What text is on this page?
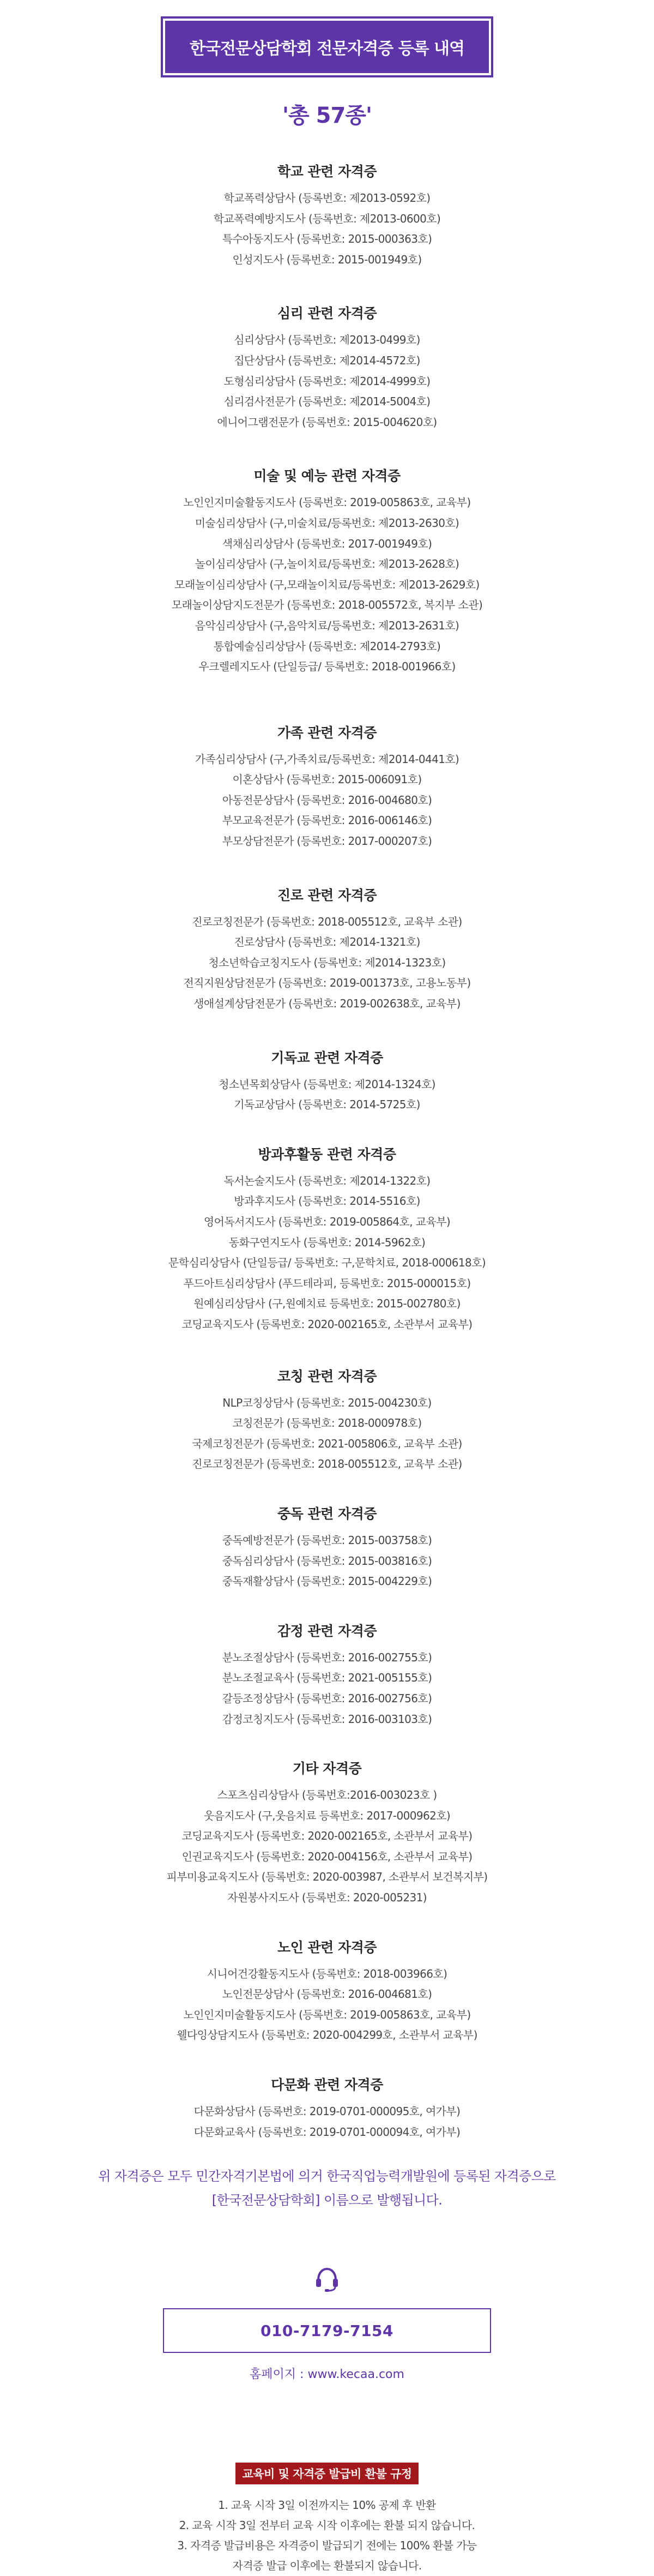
한국전문상담학회 전문자격증 등록 내역
'총 57종'
학교 관련 자격증
학교폭력상담사 (등록번호: 제2013-0592호)
학교폭력예방지도사 (등록번호: 제2013-0600호)
특수아동지도사 (등록번호: 2015-000363호)
인성지도사 (등록번호: 2015-001949호)
심리 관련 자격증
심리상담사 (등록번호: 제2013-0499호)
집단상담사 (등록번호: 제2014-4572호)
도형심리상담사 (등록번호: 제2014-4999호)
심리검사전문가 (등록번호: 제2014-5004호)
에니어그램전문가 (등록번호: 2015-004620호)
미술 및 예능 관련 자격증
노인인지미술활동지도사 (등록번호: 2019-005863호, 교육부)
미술심리상담사 (구,미술치료/등록번호: 제2013-2630호)
색채심리상담사 (등록번호: 2017-001949호)
놀이심리상담사 (구,놀이치료/등록번호: 제2013-2628호)
모래놀이심리상담사 (구,모래놀이치료/등록번호: 제2013-2629호)
모래놀이상담지도전문가 (등록번호: 2018-005572호, 복지부 소관)
음악심리상담사 (구,음악치료/등록번호: 제2013-2631호)
통합예술심리상담사 (등록번호: 제2014-2793호)
우크렐레지도사 (단일등급/ 등록번호: 2018-001966호)
가족 관련 자격증
가족심리상담사 (구,가족치료/등록번호: 제2014-0441호)
이혼상담사 (등록번호: 2015-006091호)
아동전문상담사 (등록번호: 2016-004680호)
부모교육전문가 (등록번호: 2016-006146호)
부모상담전문가 (등록번호: 2017-000207호)
진로 관련 자격증
진로코칭전문가 (등록번호: 2018-005512호, 교육부 소관)
진로상담사 (등록번호: 제2014-1321호)
청소년학습코칭지도사 (등록번호: 제2014-1323호)
전직지원상담전문가 (등록번호: 2019-001373호, 고용노동부)
생애설계상담전문가 (등록번호: 2019-002638호, 교육부)
기독교 관련 자격증
청소년목회상담사 (등록번호: 제2014-1324호)
기독교상담사 (등록번호: 2014-5725호)
방과후활동 관련 자격증
독서논술지도사 (등록번호: 제2014-1322호)
방과후지도사 (등록번호: 2014-5516호)
영어독서지도사 (등록번호: 2019-005864호, 교육부)
동화구연지도사 (등록번호: 2014-5962호)
문학심리상담사 (단일등급/ 등록번호: 구,문학치료, 2018-000618호)
푸드아트심리상담사 (푸드테라피, 등록번호: 2015-000015호)
원예심리상담사 (구,원예치료 등록번호: 2015-002780호)
코딩교육지도사 (등록번호: 2020-002165호, 소관부서 교육부)
코칭 관련 자격증
NLP코칭상담사 (등록번호: 2015-004230호)
코칭전문가 (등록번호: 2018-000978호)
국제코칭전문가 (등록번호: 2021-005806호, 교육부 소관)
진로코칭전문가 (등록번호: 2018-005512호, 교육부 소관)
중독 관련 자격증
중독예방전문가 (등록번호: 2015-003758호)
중독심리상담사 (등록번호: 2015-003816호)
중독재활상담사 (등록번호: 2015-004229호)
감정 관련 자격증
분노조절상담사 (등록번호: 2016-002755호)
분노조절교육사 (등록번호: 2021-005155호)
갈등조정상담사 (등록번호: 2016-002756호)
감정코칭지도사 (등록번호: 2016-003103호)
기타 자격증
스포츠심리상담사 (등록번호:2016-003023호 )
웃음지도사 (구,웃음치료 등록번호: 2017-000962호)
코딩교육지도사 (등록번호: 2020-002165호, 소관부서 교육부)
인권교육지도사 (등록번호: 2020-004156호, 소관부서 교육부)
피부미용교육지도사 (등록번호: 2020-003987, 소관부서 보건복지부)
자원봉사지도사 (등록번호: 2020-005231)
노인 관련 자격증
시니어건강활동지도사 (등록번호: 2018-003966호)
노인전문상담사 (등록번호: 2016-004681호)
노인인지미술활동지도사 (등록번호: 2019-005863호, 교육부)
웰다잉상담지도사 (등록번호: 2020-004299호, 소관부서 교육부)
다문화 관련 자격증
다문화상담사 (등록번호: 2019-0701-000095호, 여가부)
다문화교육사 (등록번호: 2019-0701-000094호, 여가부)
위 자격증은 모두 민간자격기본법에 의거 한국직업능력개발원에 등록된 자격증으로
[한국전문상담학회] 이름으로 발행됩니다.
010-7179-7154
홈페이지 : www.kecaa.com
교육비 및 자격증 발급비 환불 규정
1. 교육 시작 3일 이전까지는 10% 공제 후 반환
2. 교육 시작 3일 전부터 교육 시작 이후에는 환불 되지 않습니다.
3. 자격증 발급비용은 자격증이 발급되기 전에는 100% 환불 가능
자격증 발급 이후에는 환불되지 않습니다.
